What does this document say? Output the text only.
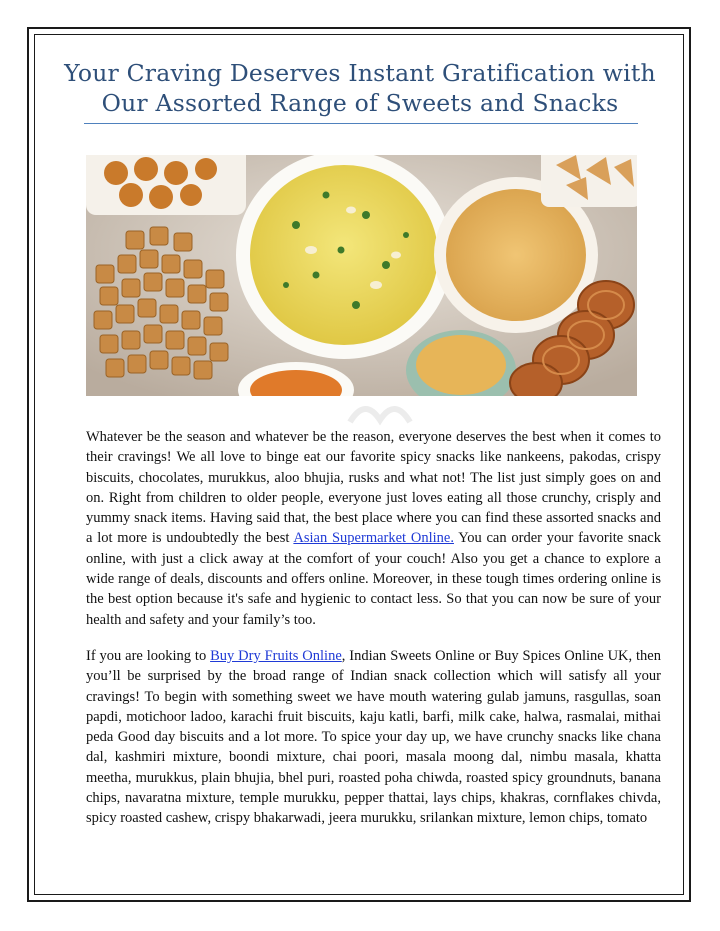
Your Craving Deserves Instant Gratification with
Our Assorted Range of Sweets and Snacks

Whatever be the season and whatever be the reason, everyone deserves the best when it comes to their cravings! We all love to binge eat our favorite spicy snacks like nankeens, pakodas, crispy biscuits, chocolates, murukkus, aloo bhujia, rusks and what not! The list just simply goes on and on. Right from children to older people, everyone just loves eating all those crunchy, crisply and yummy snack items. Having said that, the best place where you can find these assorted snacks and a lot more is undoubtedly the best Asian Supermarket Online. You can order your favorite snack online, with just a click away at the comfort of your couch! Also you get a chance to explore a wide range of deals, discounts and offers online. Moreover, in these tough times ordering online is the best option because it's safe and hygienic to contact less. So that you can now be sure of your health and safety and your family’s too.

If you are looking to Buy Dry Fruits Online, Indian Sweets Online or Buy Spices Online UK, then you’ll be surprised by the broad range of Indian snack collection which will satisfy all your cravings! To begin with something sweet we have mouth watering gulab jamuns, rasgullas, soan papdi, motichoor ladoo, karachi fruit biscuits, kaju katli, barfi, milk cake, halwa, rasmalai, mithai peda Good day biscuits and a lot more. To spice your day up, we have crunchy snacks like chana dal, kashmiri mixture, boondi mixture, chai poori, masala moong dal, nimbu masala, khatta meetha, murukkus, plain bhujia, bhel puri, roasted poha chiwda, roasted spicy groundnuts, banana chips, navaratna mixture, temple murukku, pepper thattai, lays chips, khakras, cornflakes chivda, spicy roasted cashew, crispy bhakarwadi, jeera murukku, srilankan mixture, lemon chips, tomato
